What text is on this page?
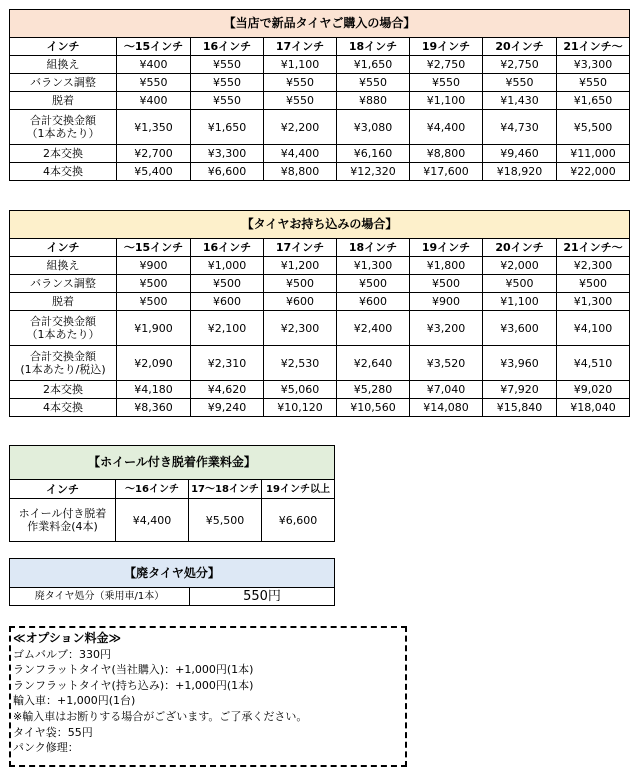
【当店で新品タイヤご購入の場合】							
インチ	～15インチ	16インチ	17インチ	18インチ	19インチ	20インチ	21インチ～
組換え	¥400	¥550	¥1,100	¥1,650	¥2,750	¥2,750	¥3,300
バランス調整	¥550	¥550	¥550	¥550	¥550	¥550	¥550
脱着	¥400	¥550	¥550	¥880	¥1,100	¥1,430	¥1,650

合計交換金額
（1本あたり）	¥1,350	¥1,650	¥2,200	¥3,080	¥4,400	¥4,730	¥5,500
2本交換	¥2,700	¥3,300	¥4,400	¥6,160	¥8,800	¥9,460	¥11,000
4本交換	¥5,400	¥6,600	¥8,800	¥12,320	¥17,600	¥18,920	¥22,000
【タイヤお持ち込みの場合】							
インチ	～15インチ	16インチ	17インチ	18インチ	19インチ	20インチ	21インチ～
組換え	¥900	¥1,000	¥1,200	¥1,300	¥1,800	¥2,000	¥2,300
バランス調整	¥500	¥500	¥500	¥500	¥500	¥500	¥500
脱着	¥500	¥600	¥600	¥600	¥900	¥1,100	¥1,300

合計交換金額
（1本あたり）	¥1,900	¥2,100	¥2,300	¥2,400	¥3,200	¥3,600	¥4,100

合計交換金額
(1本あたり/税込)	¥2,090	¥2,310	¥2,530	¥2,640	¥3,520	¥3,960	¥4,510
2本交換	¥4,180	¥4,620	¥5,060	¥5,280	¥7,040	¥7,920	¥9,020
4本交換	¥8,360	¥9,240	¥10,120	¥10,560	¥14,080	¥15,840	¥18,040
【ホイール付き脱着作業料金】			
インチ	～16インチ	17～18インチ	19インチ以上

ホイール付き脱着
作業料金(4本)	¥4,400	¥5,500	¥6,600
【廃タイヤ処分】
廃タイヤ処分（乗用車/1本）	550円
≪オプション料金≫
ゴムバルブ：330円
ランフラットタイヤ(当社購入)：+1,000円(1本)
ランフラットタイヤ(持ち込み)：+1,000円(1本)
輸入車：+1,000円(1台)
※輸入車はお断りする場合がございます。ご了承ください。
タイヤ袋：55円
パンク修理：
